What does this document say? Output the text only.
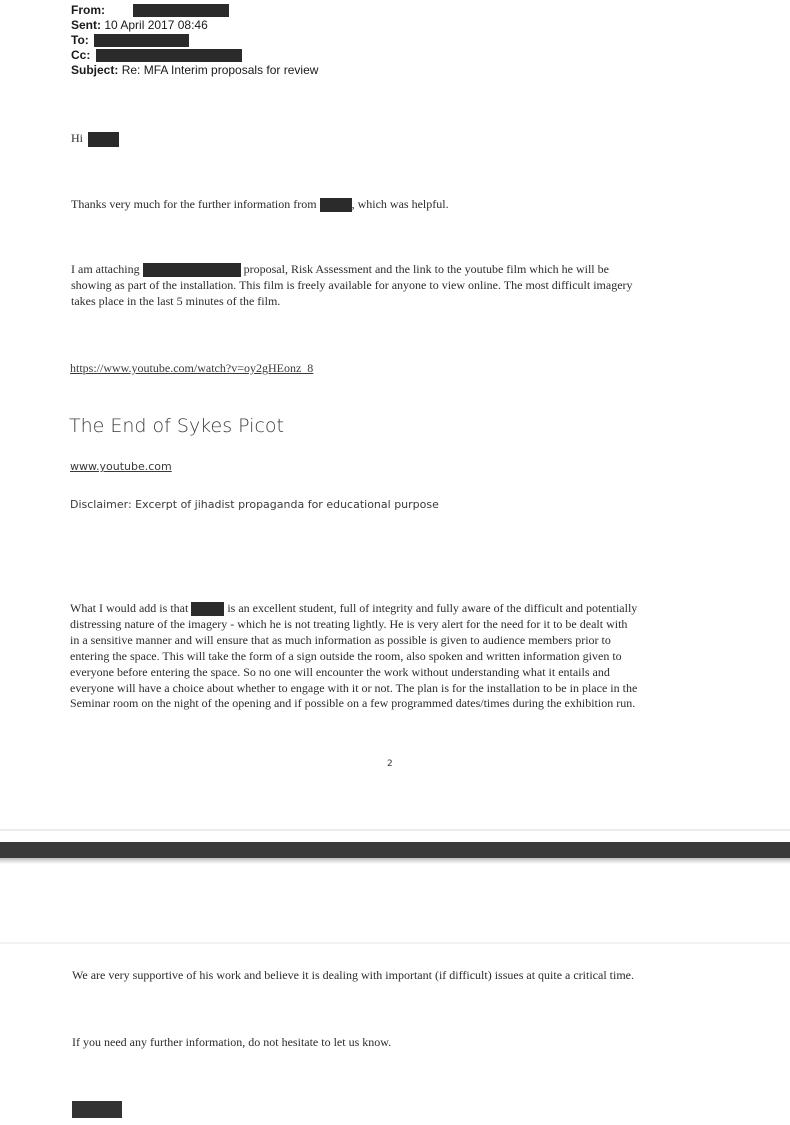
From:
Sent: 10 April 2017 08:46
To:
Cc:
Subject: Re: MFA Interim proposals for review
Hi
Thanks very much for the further information from	, which was helpful.
I am attaching	proposal, Risk Assessment and the link to the youtube film which he will be
showing as part of the installation. This film is freely available for anyone to view online. The most difficult imagery
takes place in the last 5 minutes of the film.
https://www.youtube.com/watch?v=oy2gHEonz_8
The End of Sykes Picot
www.youtube.com
Disclaimer: Excerpt of jihadist propaganda for educational purpose
What I would add is that	is an excellent student, full of integrity and fully aware of the difficult and potentially
distressing nature of the imagery - which he is not treating lightly. He is very alert for the need for it to be dealt with
in a sensitive manner and will ensure that as much information as possible is given to audience members prior to
entering the space. This will take the form of a sign outside the room, also spoken and written information given to
everyone before entering the space. So no one will encounter the work without understanding what it entails and
everyone will have a choice about whether to engage with it or not. The plan is for the installation to be in place in the
Seminar room on the night of the opening and if possible on a few programmed dates/times during the exhibition run.
2
We are very supportive of his work and believe it is dealing with important (if difficult) issues at quite a critical time.
If you need any further information, do not hesitate to let us know.
